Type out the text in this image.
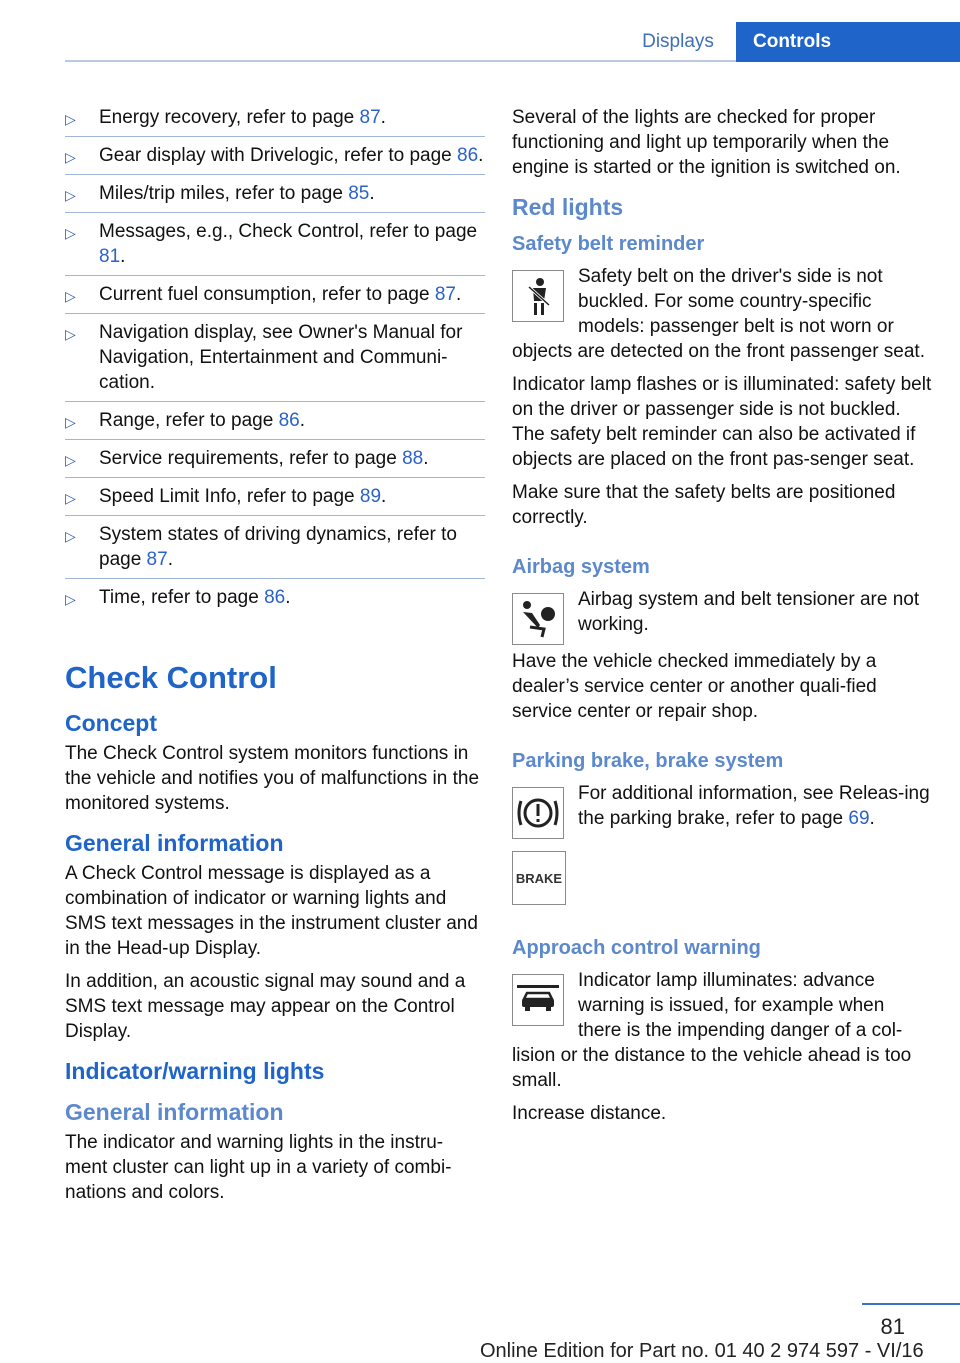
Displays	Controls
▷ Energy recovery, refer to page 87.
▷ Gear display with Drivelogic, refer to page 86.
▷ Miles/trip miles, refer to page 85.
▷ Messages, e.g., Check Control, refer to page 81.
▷ Current fuel consumption, refer to page 87.
▷ Navigation display, see Owner's Manual for Navigation, Entertainment and Communi‐cation.
▷ Range, refer to page 86.
▷ Service requirements, refer to page 88.
▷ Speed Limit Info, refer to page 89.
▷ System states of driving dynamics, refer to page 87.
▷ Time, refer to page 86.
Check Control
Concept

The Check Control system monitors functions in the vehicle and notifies you of malfunctions in the monitored systems.

General information

A Check Control message is displayed as a combination of indicator or warning lights and SMS text messages in the instrument cluster and in the Head-up Display.

In addition, an acoustic signal may sound and a SMS text message may appear on the Control Display.

Indicator/warning lights
General information

The indicator and warning lights in the instru‐ment cluster can light up in a variety of combi‐nations and colors.

Several of the lights are checked for proper functioning and light up temporarily when the engine is started or the ignition is switched on.

Red lights
Safety belt reminder

Safety belt on the driver's side is not buckled. For some country-specific models: passenger belt is not worn or objects are detected on the front passenger seat.

Indicator lamp flashes or is illuminated: safety belt on the driver or passenger side is not buckled. The safety belt reminder can also be activated if objects are placed on the front pas‐senger seat.

Make sure that the safety belts are positioned correctly.

Airbag system

Airbag system and belt tensioner are not working.

Have the vehicle checked immediately by a dealer’s service center or another quali‐fied service center or repair shop.

Parking brake, brake system

For additional information, see Releas‐ing the parking brake, refer to page 69.

BRAKE
Approach control warning

Indicator lamp illuminates: advance warning is issued, for example when there is the impending danger of a col‐lision or the distance to the vehicle ahead is too small.

Increase distance.

81
Online Edition for Part no. 01 40 2 974 597 - VI/16
